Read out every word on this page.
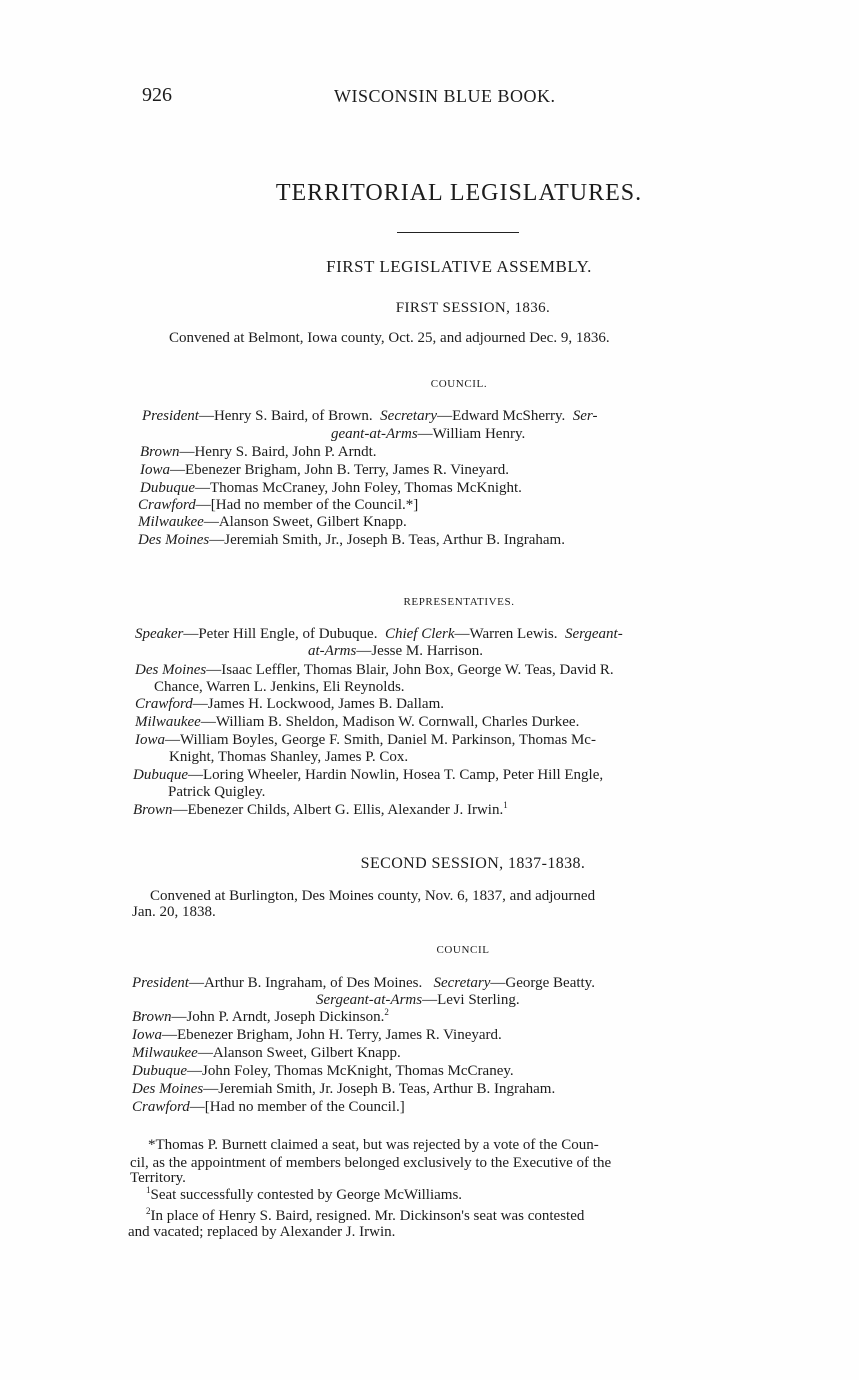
926	WISCONSIN BLUE BOOK.
TERRITORIAL LEGISLATURES.
FIRST LEGISLATIVE ASSEMBLY.
FIRST SESSION, 1836.
Convened at Belmont, Iowa county, Oct. 25, and adjourned Dec. 9, 1836.
COUNCIL.
President—Henry S. Baird, of Brown. Secretary—Edward McSherry. Ser-
geant-at-Arms—William Henry.
Brown—Henry S. Baird, John P. Arndt.
Iowa—Ebenezer Brigham, John B. Terry, James R. Vineyard.
Dubuque—Thomas McCraney, John Foley, Thomas McKnight.
Crawford—[Had no member of the Council.*]
Milwaukee—Alanson Sweet, Gilbert Knapp.
Des Moines—Jeremiah Smith, Jr., Joseph B. Teas, Arthur B. Ingraham.
REPRESENTATIVES.
Speaker—Peter Hill Engle, of Dubuque. Chief Clerk—Warren Lewis. Sergeant-
at-Arms—Jesse M. Harrison.
Des Moines—Isaac Leffler, Thomas Blair, John Box, George W. Teas, David R.
Chance, Warren L. Jenkins, Eli Reynolds.
Crawford—James H. Lockwood, James B. Dallam.
Milwaukee—William B. Sheldon, Madison W. Cornwall, Charles Durkee.
Iowa—William Boyles, George F. Smith, Daniel M. Parkinson, Thomas Mc-
Knight, Thomas Shanley, James P. Cox.
Dubuque—Loring Wheeler, Hardin Nowlin, Hosea T. Camp, Peter Hill Engle,
Patrick Quigley.
Brown—Ebenezer Childs, Albert G. Ellis, Alexander J. Irwin.$^1$
SECOND SESSION, 1837-1838.
Convened at Burlington, Des Moines county, Nov. 6, 1837, and adjourned
Jan. 20, 1838.
COUNCIL
President—Arthur B. Ingraham, of Des Moines. Secretary—George Beatty.
Sergeant-at-Arms—Levi Sterling.
Brown—John P. Arndt, Joseph Dickinson.$^2$
Iowa—Ebenezer Brigham, John H. Terry, James R. Vineyard.
Milwaukee—Alanson Sweet, Gilbert Knapp.
Dubuque—John Foley, Thomas McKnight, Thomas McCraney.
Des Moines—Jeremiah Smith, Jr. Joseph B. Teas, Arthur B. Ingraham.
Crawford—[Had no member of the Council.]
*Thomas P. Burnett claimed a seat, but was rejected by a vote of the Coun-
cil, as the appointment of members belonged exclusively to the Executive of the
Territory.
$^1$Seat successfully contested by George McWilliams.
$^2$In place of Henry S. Baird, resigned. Mr. Dickinson's seat was contested
and vacated; replaced by Alexander J. Irwin.
